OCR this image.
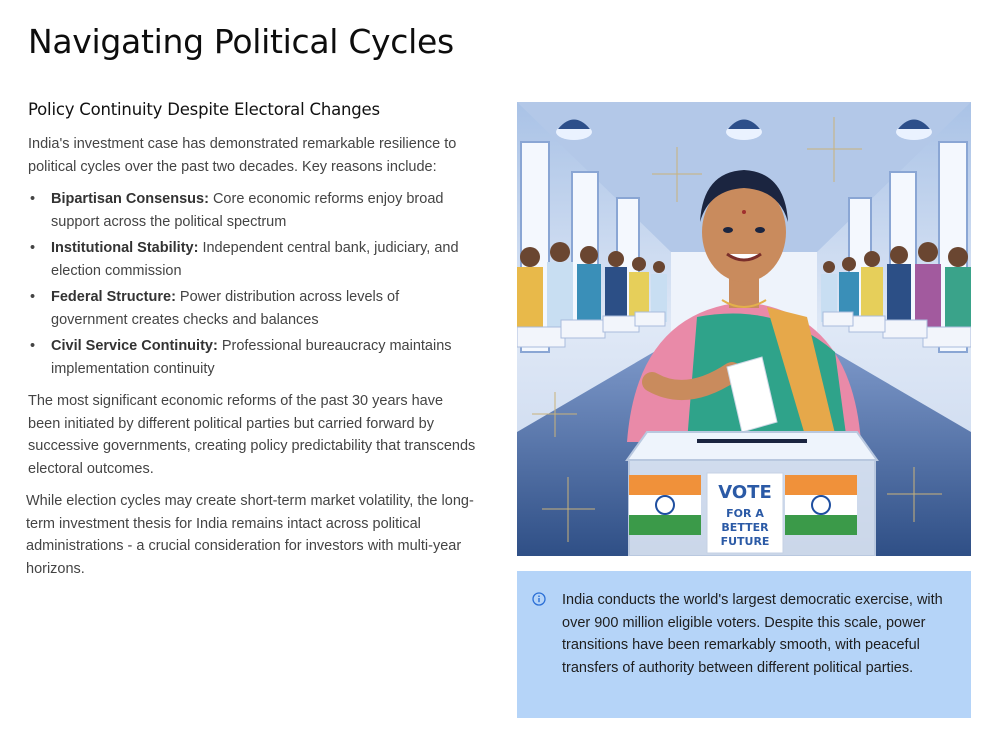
Navigating Political Cycles
Policy Continuity Despite Electoral Changes

India's investment case has demonstrated remarkable resilience to political cycles over the past two decades. Key reasons include:

• Bipartisan Consensus: Core economic reforms enjoy broad support across the political spectrum
• Institutional Stability: Independent central bank, judiciary, and election commission
• Federal Structure: Power distribution across levels of government creates checks and balances
• Civil Service Continuity: Professional bureaucracy maintains implementation continuity

The most significant economic reforms of the past 30 years have been initiated by different political parties but carried forward by successive governments, creating policy predictability that transcends electoral outcomes.

While election cycles may create short-term market volatility, the long-term investment thesis for India remains intact across political administrations - a crucial consideration for investors with multi-year horizons.

VOTE
FOR A
BETTER
FUTURE

India conducts the world's largest democratic exercise, with over 900 million eligible voters. Despite this scale, power transitions have been remarkably smooth, with peaceful transfers of authority between different political parties.
